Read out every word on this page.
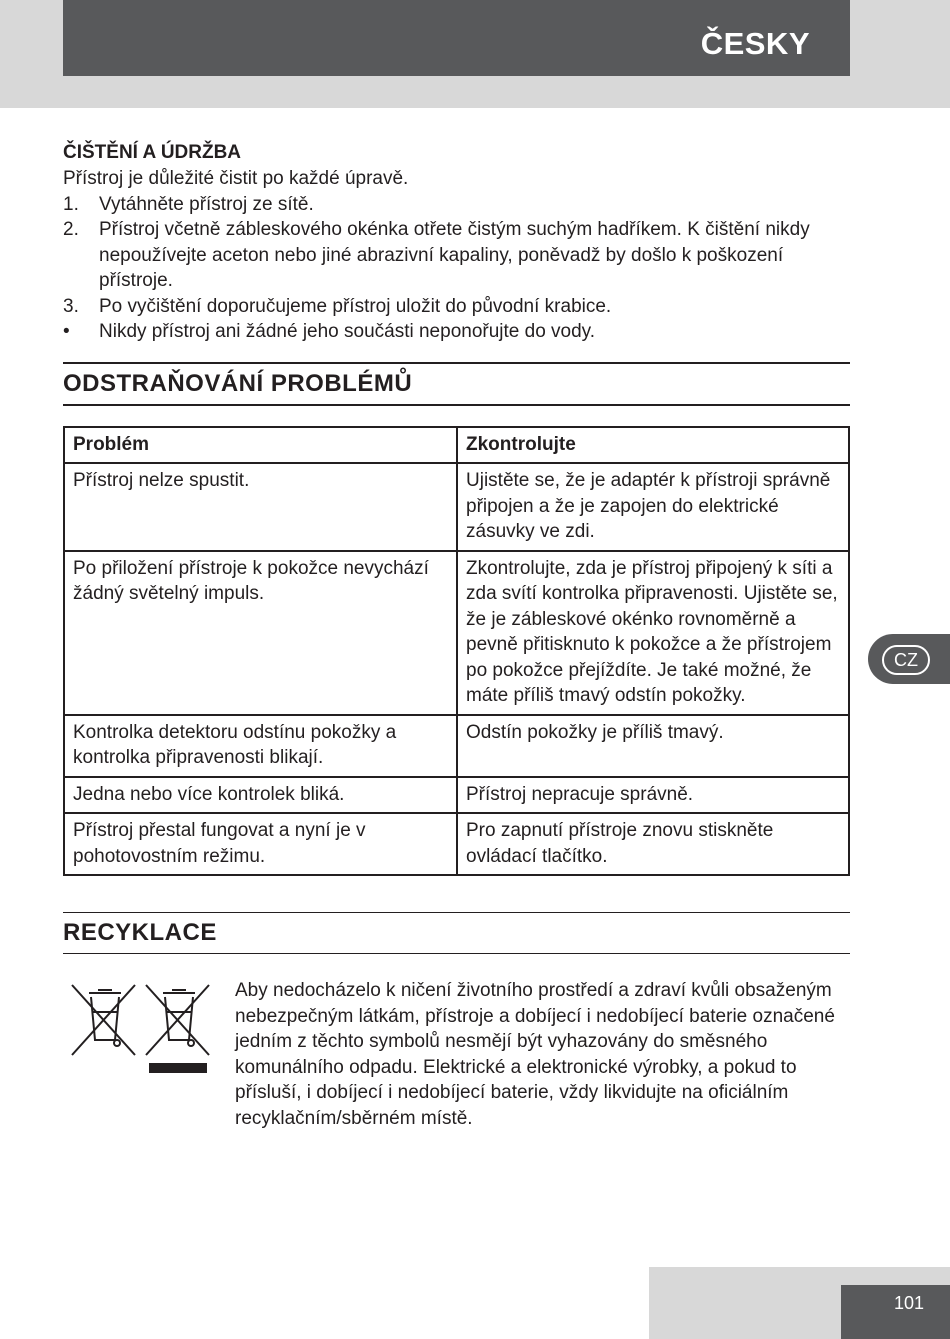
ČESKY
ČIŠTĚNÍ A ÚDRŽBA

Přístroj je důležité čistit po každé úpravě.

1. Vytáhněte přístroj ze sítě.
2. Přístroj včetně zábleskového okénka otřete čistým suchým hadříkem. K čištění nikdy nepoužívejte aceton nebo jiné abrazivní kapaliny, poněvadž by došlo k poškození přístroje.
3. Po vyčištění doporučujeme přístroj uložit do původní krabice.
• Nikdy přístroj ani žádné jeho součásti neponořujte do vody.
ODSTRAŇOVÁNÍ PROBLÉMŮ
Problém	Zkontrolujte
Přístroj nelze spustit.	Ujistěte se, že je adaptér k přístroji správně připojen a že je zapojen do elektrické zásuvky ve zdi.
Po přiložení přístroje k pokožce nevychází žádný světelný impuls.	Zkontrolujte, zda je přístroj připojený k síti a zda svítí kontrolka připravenosti. Ujistěte se, že je zábleskové okénko rovnoměrně a pevně přitisknuto k pokožce a že přístrojem po pokožce přejíždíte. Je také možné, že máte příliš tmavý odstín pokožky.
Kontrolka detektoru odstínu pokožky a kontrolka připravenosti blikají.	Odstín pokožky je příliš tmavý.
Jedna nebo více kontrolek bliká.	Přístroj nepracuje správně.
Přístroj přestal fungovat a nyní je v pohotovostním režimu.	Pro zapnutí přístroje znovu stiskněte ovládací tlačítko.
RECYKLACE

Aby nedocházelo k ničení životního prostředí a zdraví kvůli obsaženým nebezpečným látkám, přístroje a dobíjecí i nedobíjecí baterie označené jedním z těchto symbolů nesmějí být vyhazovány do směsného komunálního odpadu. Elektrické a elektronické výrobky, a pokud to přísluší, i dobíjecí i nedobíjecí baterie, vždy likvidujte na oficiálním recyklačním/sběrném místě.

CZ
101
